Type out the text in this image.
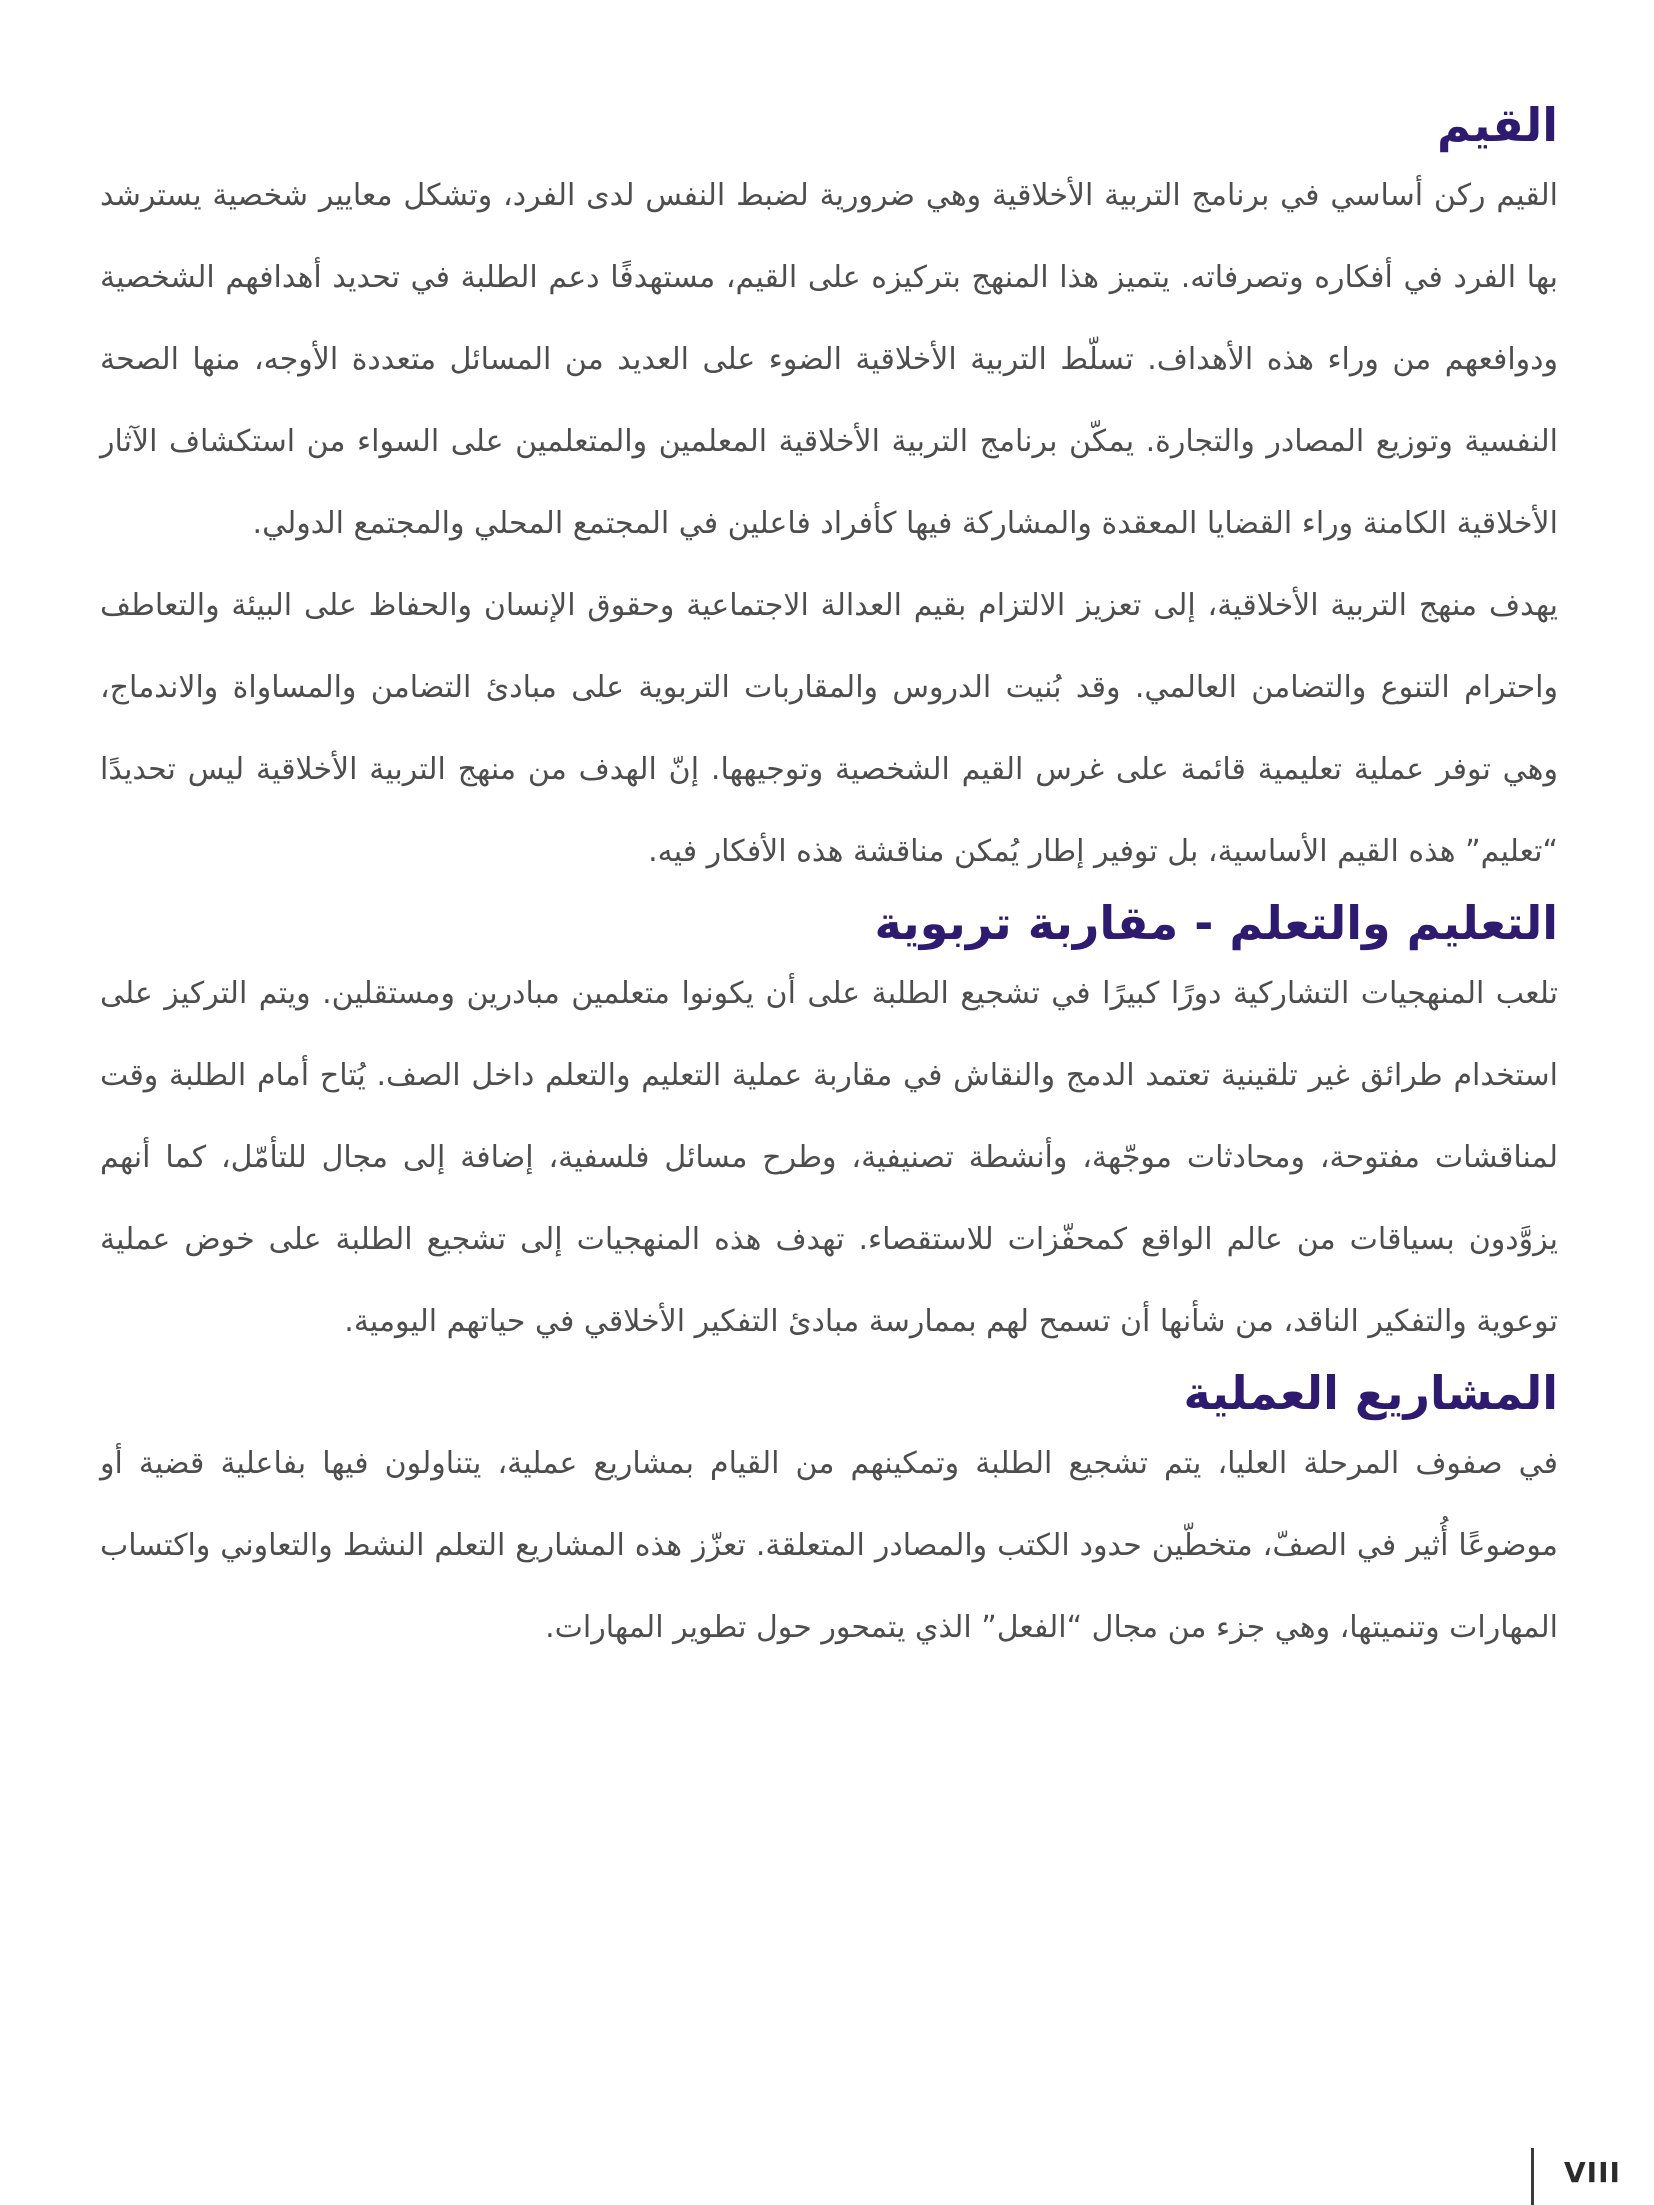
القيم

القيم ركن أساسي في برنامج التربية الأخلاقية وهي ضرورية لضبط النفس لدى الفرد، وتشكل معايير شخصية يسترشد بها الفرد في أفكاره وتصرفاته. يتميز هذا المنهج بتركيزه على القيم، مستهدفًا دعم الطلبة في تحديد أهدافهم الشخصية ودوافعهم من وراء هذه الأهداف. تسلّط التربية الأخلاقية الضوء على العديد من المسائل متعددة الأوجه، منها الصحة النفسية وتوزيع المصادر والتجارة. يمكّن برنامج التربية الأخلاقية المعلمين والمتعلمين على السواء من استكشاف الآثار الأخلاقية الكامنة وراء القضايا المعقدة والمشاركة فيها كأفراد فاعلين في المجتمع المحلي والمجتمع الدولي.

يهدف منهج التربية الأخلاقية، إلى تعزيز الالتزام بقيم العدالة الاجتماعية وحقوق الإنسان والحفاظ على البيئة والتعاطف واحترام التنوع والتضامن العالمي. وقد بُنيت الدروس والمقاربات التربوية على مبادئ التضامن والمساواة والاندماج، وهي توفر عملية تعليمية قائمة على غرس القيم الشخصية وتوجيهها. إنّ الهدف من منهج التربية الأخلاقية ليس تحديدًا “تعليم” هذه القيم الأساسية، بل توفير إطار يُمكن مناقشة هذه الأفكار فيه.

التعليم والتعلم - مقاربة تربوية

تلعب المنهجيات التشاركية دورًا كبيرًا في تشجيع الطلبة على أن يكونوا متعلمين مبادرين ومستقلين. ويتم التركيز على استخدام طرائق غير تلقينية تعتمد الدمج والنقاش في مقاربة عملية التعليم والتعلم داخل الصف. يُتاح أمام الطلبة وقت لمناقشات مفتوحة، ومحادثات موجّهة، وأنشطة تصنيفية، وطرح مسائل فلسفية، إضافة إلى مجال للتأمّل، كما أنهم يزوَّدون بسياقات من عالم الواقع كمحفّزات للاستقصاء. تهدف هذه المنهجيات إلى تشجيع الطلبة على خوض عملية توعوية والتفكير الناقد، من شأنها أن تسمح لهم بممارسة مبادئ التفكير الأخلاقي في حياتهم اليومية.

المشاريع العملية

في صفوف المرحلة العليا، يتم تشجيع الطلبة وتمكينهم من القيام بمشاريع عملية، يتناولون فيها بفاعلية قضية أو موضوعًا أُثير في الصفّ، متخطّين حدود الكتب والمصادر المتعلقة. تعزّز هذه المشاريع التعلم النشط والتعاوني واكتساب المهارات وتنميتها، وهي جزء من مجال “الفعل” الذي يتمحور حول تطوير المهارات.

VIII
